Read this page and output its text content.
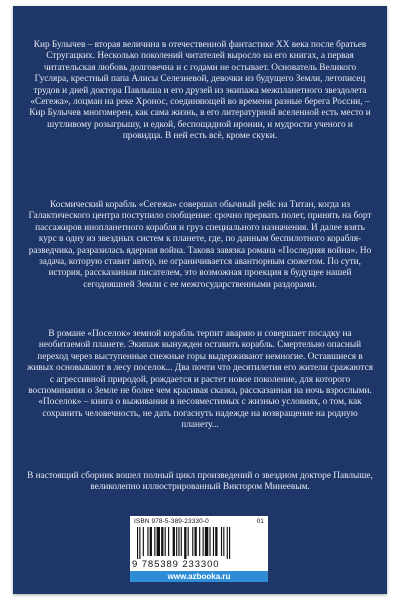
Кир Булычев – вторая величина в отечественной фантастике XX века после братьев Стругацких. Несколько поколений читателей выросло на его книгах, а первая читательская любовь долговечна и с годами не остывает. Основатель Великого Гусляра, крестный папа Алисы Селезневой, девочки из будущего Земли, летописец трудов и дней доктора Павлыша и его друзей из экипажа межпланетного звездолета «Сегежа», лоцман на реке Хронос, соединяющей во времени разные берега России, – Кир Булычев многомерен, как сама жизнь, в его литературной вселенной есть место и шутливому розыгрышу, и едкой, беспощадной иронии, и мудрости ученого и провидца. В ней есть всё, кроме скуки.

Космический корабль «Сегежа» совершал обычный рейс на Титан, когда из Галактического центра поступило сообщение: срочно прервать полет, принять на борт пассажиров инопланетного корабля и груз специального назначения. И далее взять курс в одну из звездных систем к планете, где, по данным беспилотного корабля-разведчика, разразилась ядерная война. Такова завязка романа «Последняя война». Но задача, которую ставит автор, не ограничивается авантюрным сюжетом. По сути, история, рассказанная писателем, это возможная проекция в будущее нашей сегодняшней Земли с ее межгосударственными раздорами.

В романе «Поселок» земной корабль терпит аварию и совершает посадку на необитаемой планете. Экипаж вынужден оставить корабль. Смертельно опасный переход через выступенные снежные горы выдерживают немногие. Оставшиеся в живых основывают в лесу поселок... Два почти что десятилетия его жители сражаются с агрессивной природой, рождается и растет новое поколение, для которого воспоминания о Земле не более чем красивая сказка, рассказанная на ночь взрослыми. «Поселок» – книга о выживании в несовместимых с жизнью условиях, о том, как сохранить человечность, не дать погаснуть надежде на возвращение на родную планету...

В настоящий сборник вошел полный цикл произведений о звездном докторе Павлыше, великолепно иллюстрированный Виктором Минеевым.

ISBN 978-5-389-23330-0	01
9 785389 233300
www.azbooka.ru
